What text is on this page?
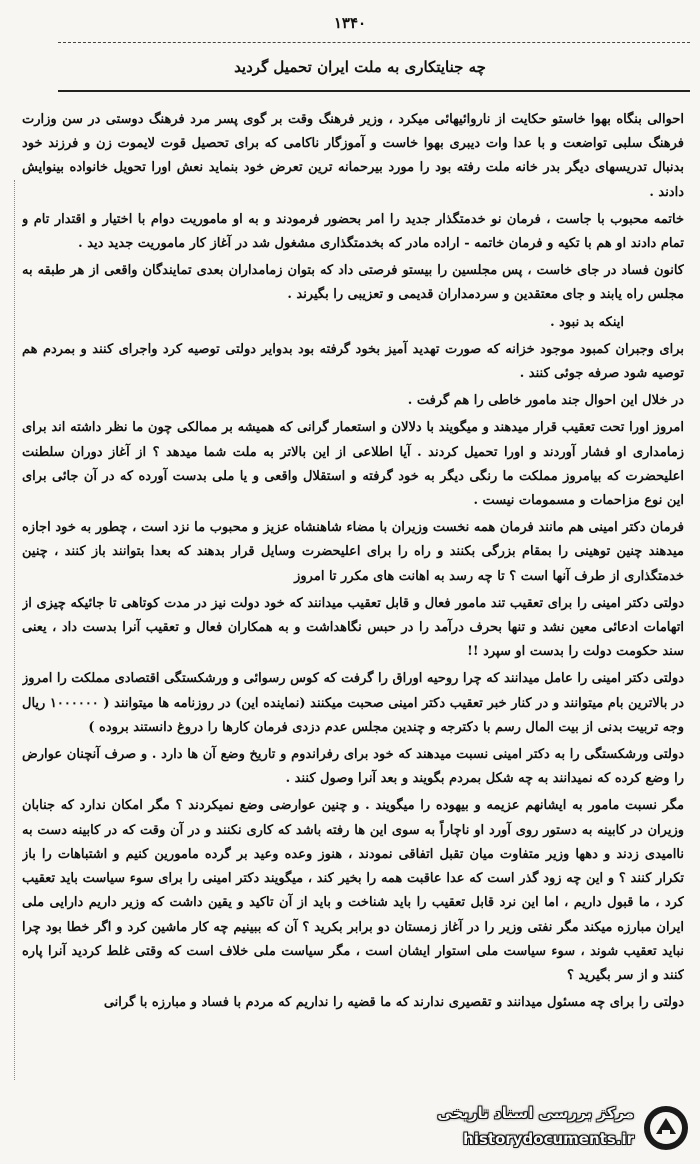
۱۳۴۰
چه جنایتکاری به ملت ایران تحمیل گردید

احوالی بنگاه بهوا خاستو حکایت از ناروائیهائی میکرد ، وزیر فرهنگ وقت بر گوی پسر مرد فرهنگ دوستی در سن وزارت فرهنگ سلبی تواضعت و با عدا وات دیبری بهوا خاست و آموزگار ناکامی که برای تحصیل قوت لایموت زن و فرزند خود بدنبال تدریسهای دیگر بدر خانه ملت رفته بود را مورد بیرحمانه ترین تعرض خود بنماید نعش اورا تحویل خانواده بینوایش دادند .

خاتمه محبوب با جاست ، فرمان نو خدمتگذار جدید را امر بحضور فرمودند و به او ماموریت دوام با اختیار و اقتدار تام و تمام دادند او هم با تکیه و فرمان خاتمه - اراده مادر که بخدمتگذاری مشغول شد در آغاز کار ماموریت جدید دید .

کانون فساد در جای خاست ، پس مجلسین را بیستو فرصتی داد که بتوان زمامداران بعدی تمایندگان واقعی از هر طبقه به مجلس راه یابند و جای معتقدین و سردمداران قدیمی و تعزیبی را بگیرند .

اینکه بد نبود .

برای وجبران کمبود موجود خزانه که صورت تهدید آمیز بخود گرفته بود بدوایر دولتی توصیه کرد واجرای کنند و بمردم هم توصیه شود صرفه جوئی کنند .

در خلال این احوال جند مامور خاطی را هم گرفت .

امروز اورا تحت تعقیب قرار میدهند و میگویند با دلالان و استعمار گرانی که همیشه بر ممالکی چون ما نظر داشته اند برای زمامداری او فشار آوردند و اورا تحمیل کردند . آیا اطلاعی از این بالاتر به ملت شما میدهد ؟ از آغاز دوران سلطنت اعلیحضرت که بیامروز مملکت ما رنگی دیگر به خود گرفته و استقلال واقعی و یا ملی بدست آورده که در آن جائی برای این نوع مزاحمات و مسمومات نیست .

فرمان دکتر امینی هم مانند فرمان همه نخست وزیران با مضاء شاهنشاه عزیز و محبوب ما نزد است ، چطور به خود اجازه میدهند چنین توهینی را بمقام بزرگی بکنند و راه را برای اعلیحضرت وسایل قرار بدهند که بعدا بتوانند باز کنند ، چنین خدمتگذاری از طرف آنها است ؟ تا چه رسد به اهانت های مکرر تا امروز

دولتی دکتر امینی را برای تعقیب تند مامور فعال و قابل تعقیب میدانند که خود دولت نیز در مدت کوتاهی تا جائیکه چیزی از اتهامات ادعائی معین نشد و تنها بحرف درآمد را در حبس نگاهداشت و به همکاران فعال و تعقیب آنرا بدست داد ، یعنی سند حکومت دولت را بدست او سپرد !!

دولتی دکتر امینی را عامل میدانند که چرا روحیه اوراق را گرفت که کوس رسوائی و ورشکستگی اقتصادی مملکت را امروز در بالاترین بام میتوانند و در کنار خبر تعقیب دکتر امینی صحبت میکنند (نماینده این) در روزنامه ها میتوانند ( ۱۰۰۰۰۰۰ ریال وجه تربیت بدنی از بیت المال رسم با دکترجه و چندین مجلس عدم دزدی فرمان کارها را دروغ دانستند بروده )

دولتی ورشکستگی را به دکتر امینی نسبت میدهند که خود برای رفراندوم و تاریخ وضع آن ها دارد . و صرف آنچنان عوارض را وضع کرده که نمیدانند به چه شکل بمردم بگویند و بعد آنرا وصول کنند .

مگر نسبت مامور به ایشانهم عزیمه و بیهوده را میگویند . و چنین عوارضی وضع نمیکردند ؟ مگر امکان ندارد که جنابان وزیران در کابینه به دستور روی آورد او ناچاراً به سوی این ها رفته باشد که کاری نکنند و در آن وقت که در کابینه دست به ناامیدی زدند و دهها وزیر متفاوت میان تقبل اتفاقی نمودند ، هنوز وعده وعید بر گرده مامورین کنیم و اشتباهات را باز تکرار کنند ؟ و این چه زود گذر است که عدا عاقبت همه را بخیر کند ، میگویند دکتر امینی را برای سوء سیاست باید تعقیب کرد ، ما قبول داریم ، اما این نرد قابل تعقیب را باید شناخت و باید از آن تاکید و یقین داشت که وزیر داریم دارایی ملی ایران مبارزه میکند مگر نفتی وزیر را در آغاز زمستان دو برابر بکرید ؟ آن که ببینیم چه کار ماشین کرد و اگر خطا بود چرا نباید تعقیب شوند ، سوء سیاست ملی استوار ایشان است ، مگر سیاست ملی خلاف است که وقتی غلط کردید آنرا پاره کنند و از سر بگیرید ؟

دولتی را برای چه مسئول میدانند و تقصیری ندارند که ما قضیه را نداریم که مردم با فساد و مبارزه با گرانی

مرکز بررسی اسناد تاریخی
historydocuments.ir
